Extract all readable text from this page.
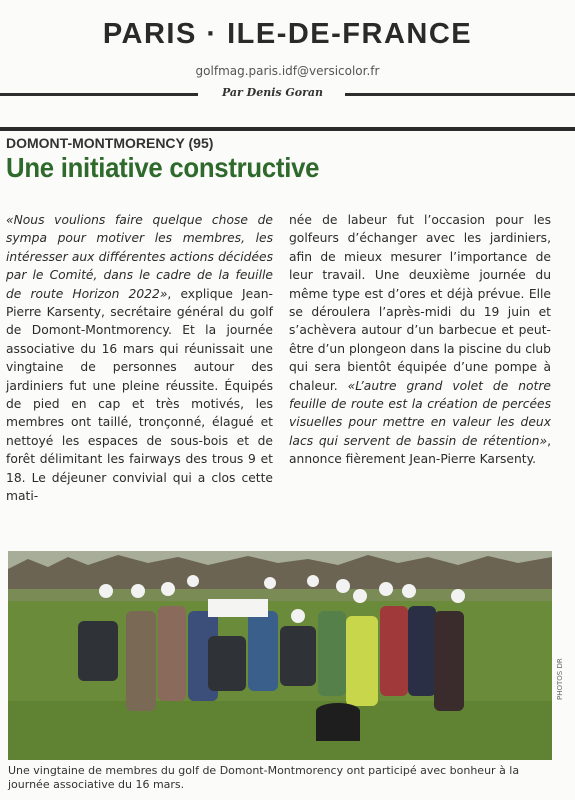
PARIS · ILE-DE-FRANCE
golfmag.paris.idf@versicolor.fr
Par Denis Goran
DOMONT-MONTMORENCY (95)
Une initiative constructive

«Nous voulions faire quelque chose de sympa pour motiver les membres, les intéresser aux différentes actions décidées par le Comité, dans le cadre de la feuille de route Horizon 2022», explique Jean-Pierre Karsenty, secrétaire général du golf de Domont-Montmorency. Et la journée associative du 16 mars qui réunissait une vingtaine de personnes autour des jardiniers fut une pleine réussite. Équipés de pied en cap et très motivés, les membres ont taillé, tronçonné, élagué et nettoyé les espaces de sous-bois et de forêt délimitant les fairways des trous 9 et 18. Le déjeuner convivial qui a clos cette mati-

née de labeur fut l’occasion pour les golfeurs d’échanger avec les jardiniers, afin de mieux mesurer l’importance de leur travail. Une deuxième journée du même type est d’ores et déjà prévue. Elle se déroulera l’après-midi du 19 juin et s’achèvera autour d’un barbecue et peut-être d’un plongeon dans la piscine du club qui sera bientôt équipée d’une pompe à chaleur. «L’autre grand volet de notre feuille de route est la création de percées visuelles pour mettre en valeur les deux lacs qui servent de bassin de rétention», annonce fièrement Jean-Pierre Karsenty.

PHOTOS DR
Une vingtaine de membres du golf de Domont-Montmorency ont participé avec bonheur à la journée associative du 16 mars.
